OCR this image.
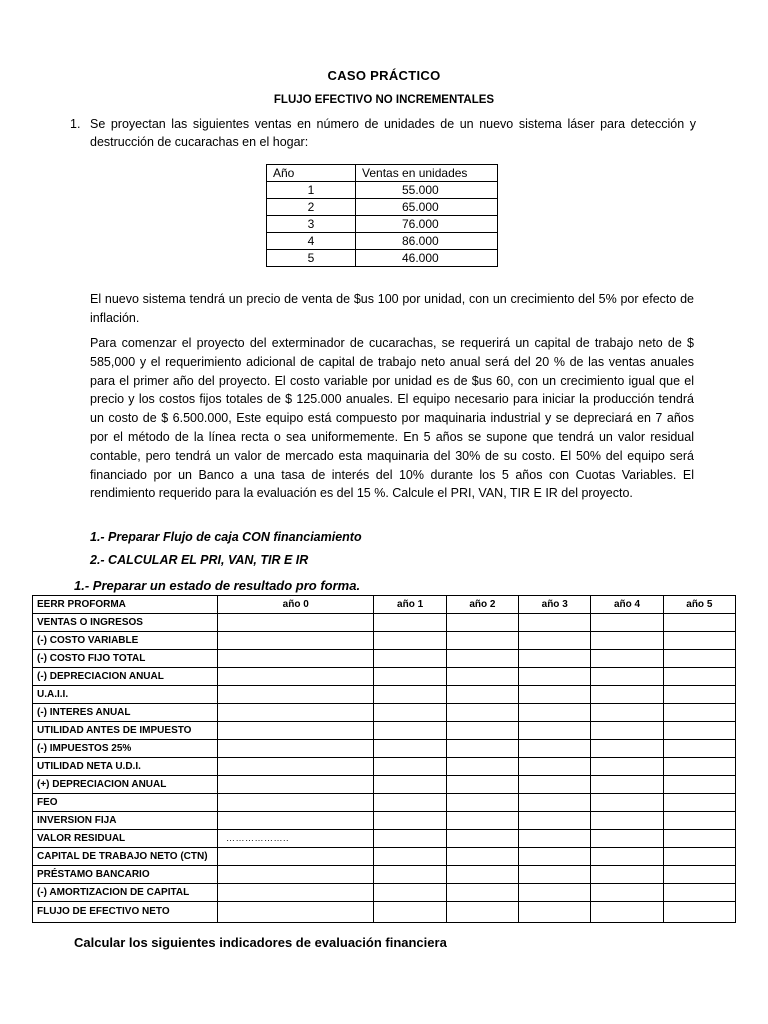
CASO PRÁCTICO
FLUJO EFECTIVO NO INCREMENTALES
1. Se proyectan las siguientes ventas en número de unidades de un nuevo sistema láser para detección y destrucción de cucarachas en el hogar:
Año	Ventas en unidades
1	55.000
2	65.000
3	76.000
4	86.000
5	46.000
El nuevo sistema tendrá un precio de venta de $us 100 por unidad, con un crecimiento del 5% por efecto de inflación.
Para comenzar el proyecto del exterminador de cucarachas, se requerirá un capital de trabajo neto de $ 585,000 y el requerimiento adicional de capital de trabajo neto anual será del 20 % de las ventas anuales para el primer año del proyecto. El costo variable por unidad es de $us 60, con un crecimiento igual que el precio y los costos fijos totales de $ 125.000 anuales. El equipo necesario para iniciar la producción tendrá un costo de $ 6.500.000, Este equipo está compuesto por maquinaria industrial y se depreciará en 7 años por el método de la línea recta o sea uniformemente. En 5 años se supone que tendrá un valor residual contable, pero tendrá un valor de mercado esta maquinaria del 30% de su costo. El 50% del equipo será financiado por un Banco a una tasa de interés del 10% durante los 5 años con Cuotas Variables. El rendimiento requerido para la evaluación es del 15 %. Calcule el PRI, VAN, TIR E IR del proyecto.
1.- Preparar Flujo de caja CON financiamiento
2.- CALCULAR EL PRI, VAN, TIR E IR
1.- Preparar un estado de resultado pro forma.
EERR PROFORMA	año 0	año 1	año 2	año 3	año 4	año 5
VENTAS O INGRESOS						
(-) COSTO VARIABLE						
(-) COSTO FIJO TOTAL						
(-) DEPRECIACION ANUAL						
U.A.I.I.						
(-) INTERES ANUAL						
UTILIDAD ANTES DE IMPUESTO						
(-) IMPUESTOS 25%						
UTILIDAD NETA U.D.I.						
(+) DEPRECIACION ANUAL						
FEO						
INVERSION FIJA						
VALOR RESIDUAL	………………..					
CAPITAL DE TRABAJO NETO (CTN)						
PRÉSTAMO BANCARIO						
(-) AMORTIZACION DE CAPITAL						
FLUJO DE EFECTIVO NETO						
Calcular los siguientes indicadores de evaluación financiera
